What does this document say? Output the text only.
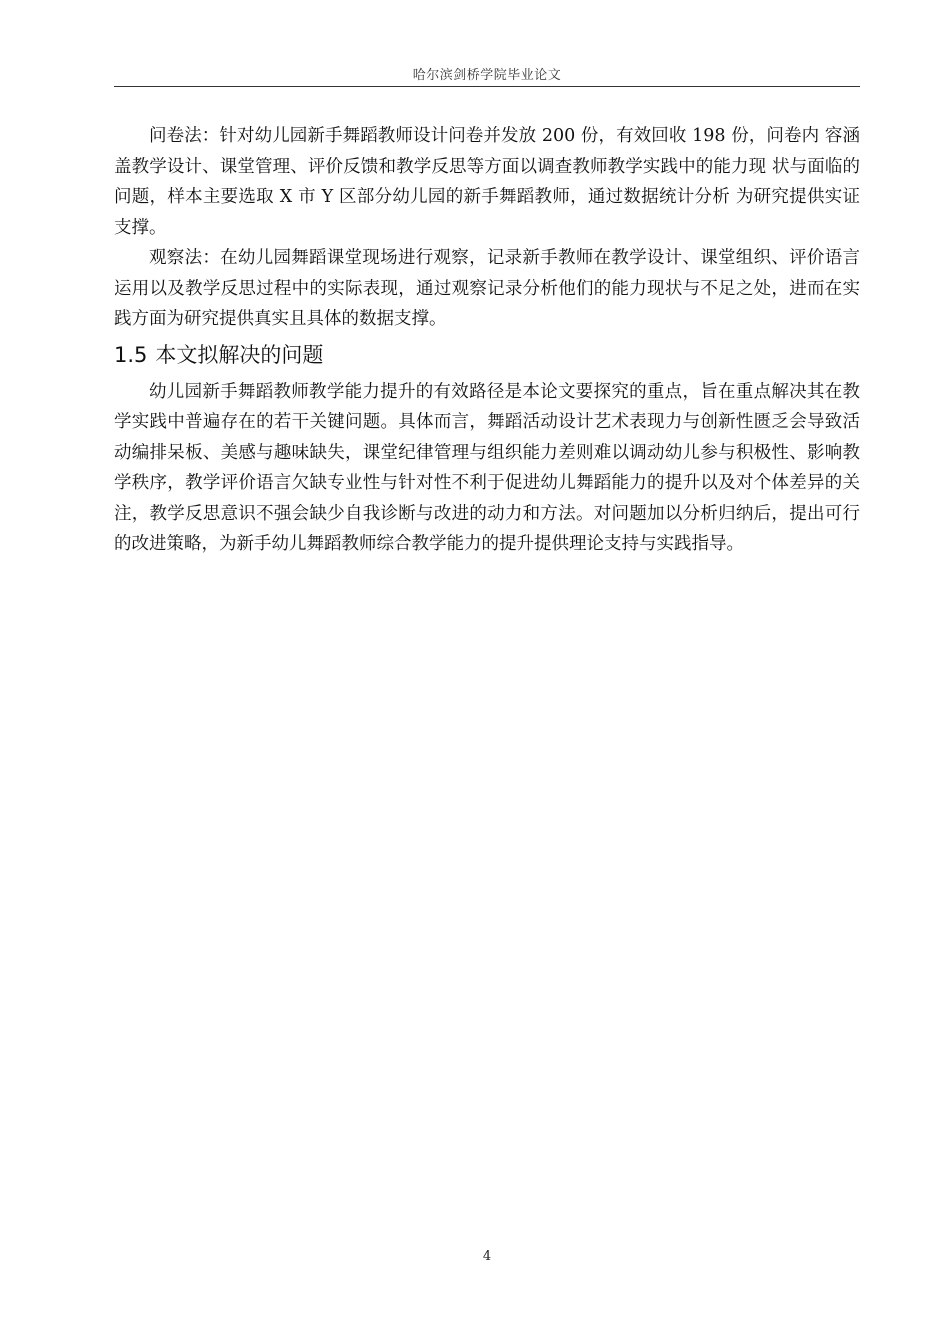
哈尔滨剑桥学院毕业论文

问卷法：针对幼儿园新手舞蹈教师设计问卷并发放 200 份，有效回收 198 份，问卷内 容涵盖教学设计、课堂管理、评价反馈和教学反思等方面以调查教师教学实践中的能力现 状与面临的问题，样本主要选取 X 市 Y 区部分幼儿园的新手舞蹈教师，通过数据统计分析 为研究提供实证支撑。

观察法：在幼儿园舞蹈课堂现场进行观察，记录新手教师在教学设计、课堂组织、评价语言运用以及教学反思过程中的实际表现，通过观察记录分析他们的能力现状与不足之处，进而在实践方面为研究提供真实且具体的数据支撑。

1.5 本文拟解决的问题

幼儿园新手舞蹈教师教学能力提升的有效路径是本论文要探究的重点，旨在重点解决其在教学实践中普遍存在的若干关键问题。具体而言，舞蹈活动设计艺术表现力与创新性匮乏会导致活动编排呆板、美感与趣味缺失，课堂纪律管理与组织能力差则难以调动幼儿参与积极性、影响教学秩序，教学评价语言欠缺专业性与针对性不利于促进幼儿舞蹈能力的提升以及对个体差异的关注，教学反思意识不强会缺少自我诊断与改进的动力和方法。对问题加以分析归纳后，提出可行的改进策略，为新手幼儿舞蹈教师综合教学能力的提升提供理论支持与实践指导。

4
